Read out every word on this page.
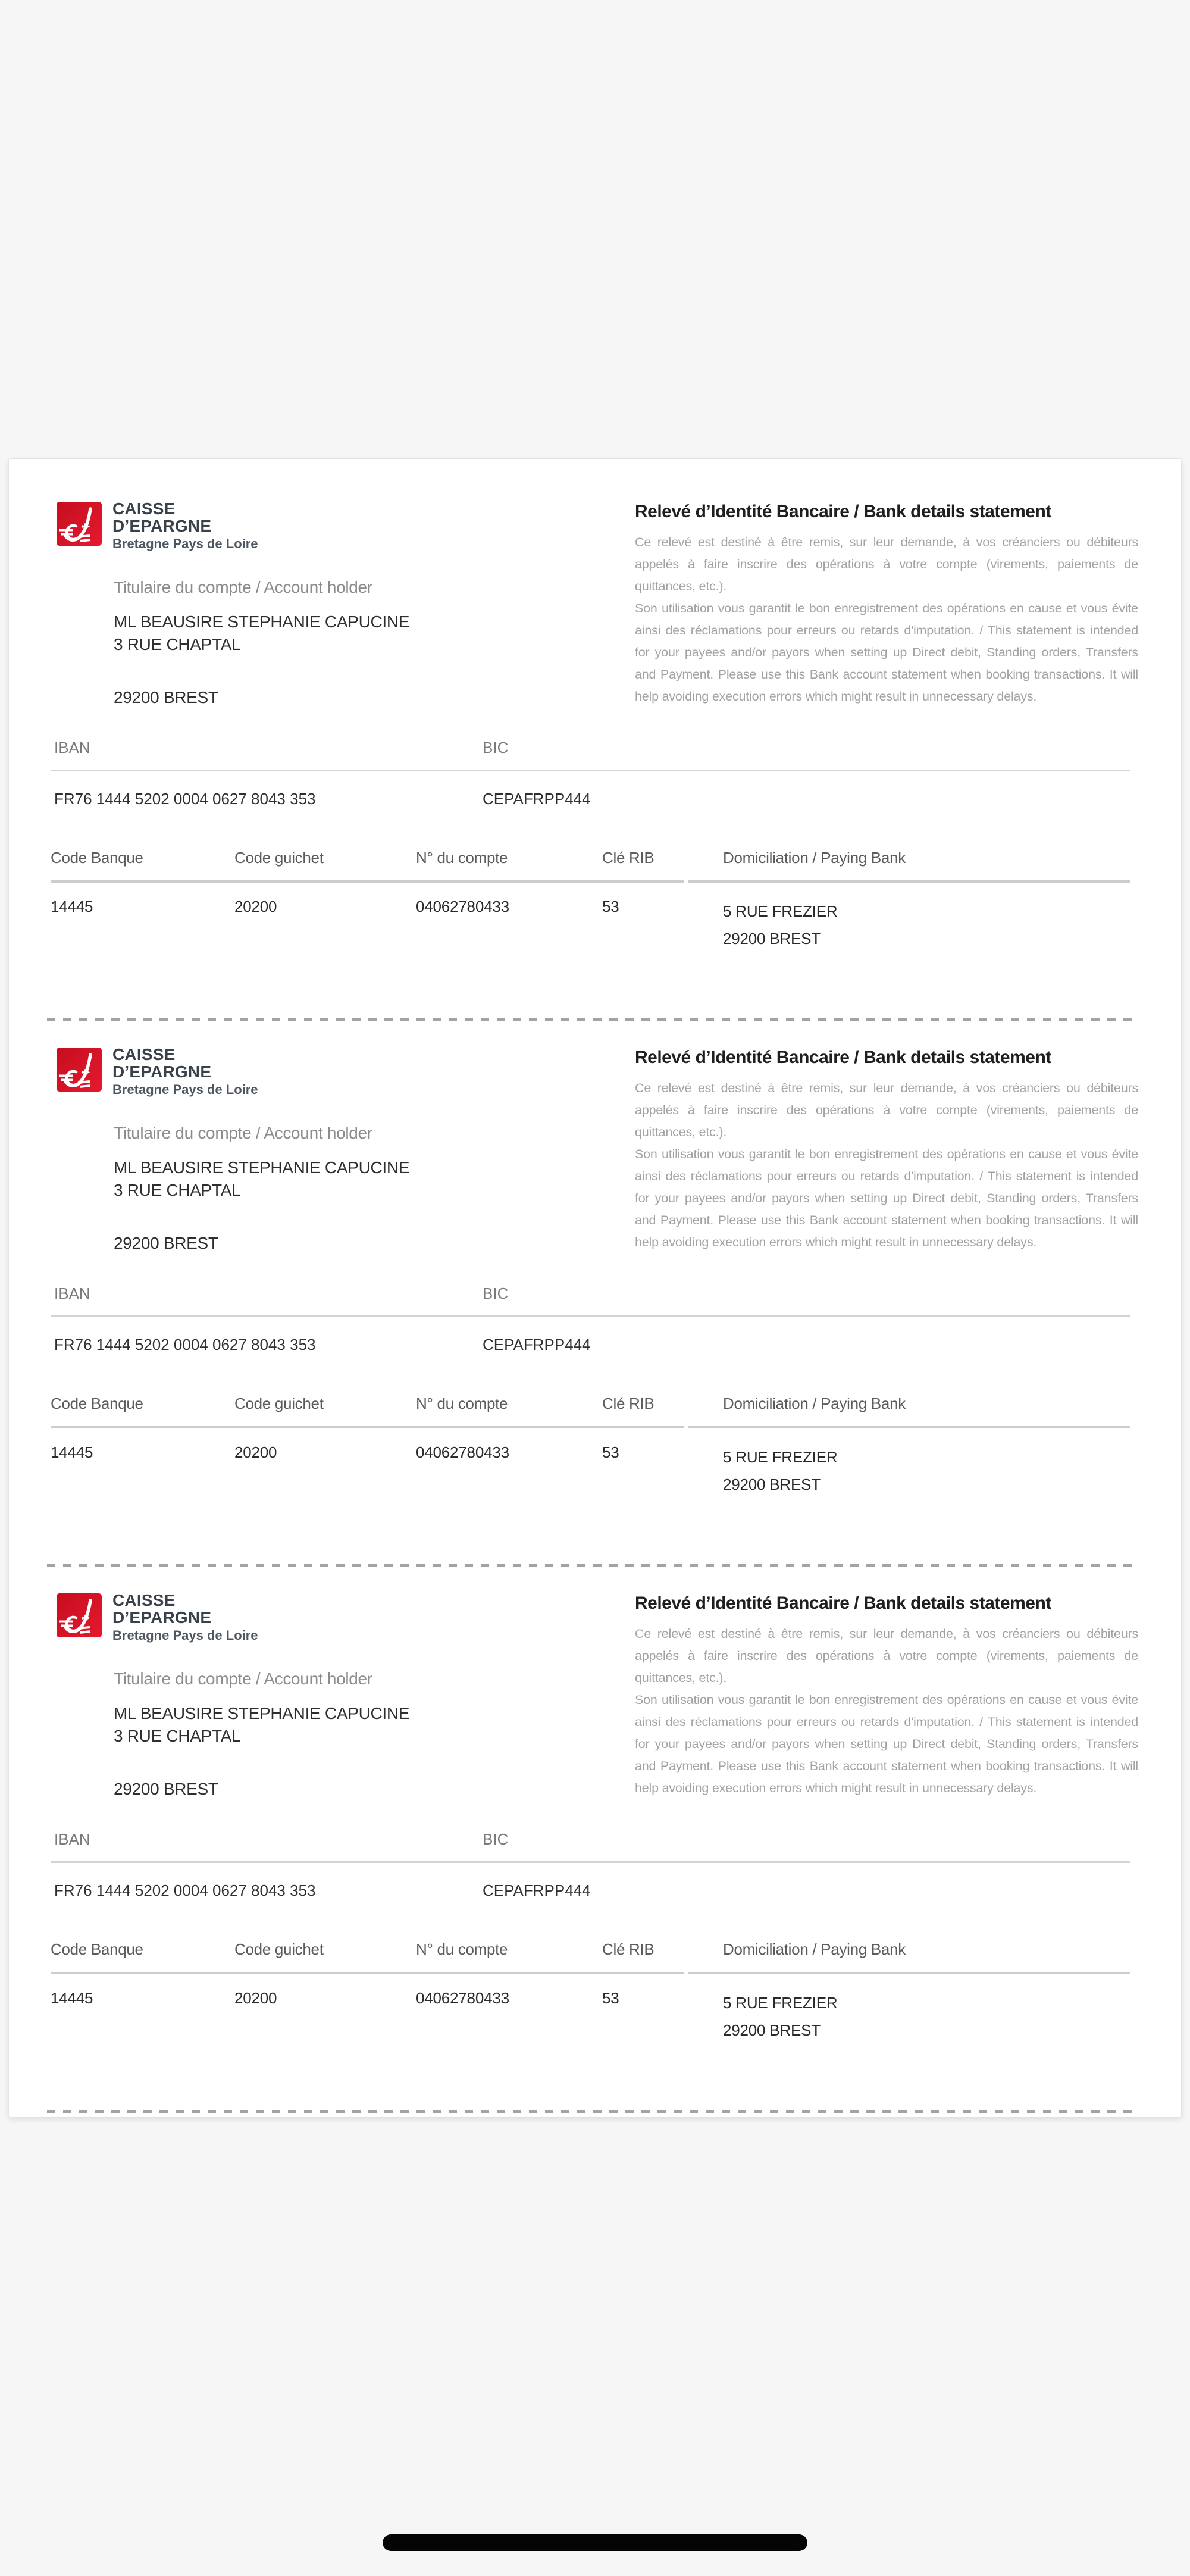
CAISSE
D’EPARGNE
Bretagne Pays de Loire
Relevé d’Identité Bancaire / Bank details statement

Ce relevé est destiné à être remis, sur leur demande, à vos créanciers ou débiteurs appelés à faire inscrire des opérations à votre compte (virements, paiements de quittances, etc.).

Son utilisation vous garantit le bon enregistrement des opérations en cause et vous évite ainsi des réclamations pour erreurs ou retards d'imputation. / This statement is intended for your payees and/or payors when setting up Direct debit, Standing orders, Transfers and Payment. Please use this Bank account statement when booking transactions. It will help avoiding execution errors which might result in unnecessary delays.

Titulaire du compte / Account holder
ML BEAUSIRE STEPHANIE CAPUCINE
3 RUE CHAPTAL
29200 BREST
IBAN	BIC
FR76 1444 5202 0004 0627 8043 353	CEPAFRPP444
Code Banque	Code guichet	N° du compte	Clé RIB	Domiciliation / Paying Bank
14445	20200	04062780433	53	5 RUE FREZIER
29200 BREST
CAISSE
D’EPARGNE
Bretagne Pays de Loire
Relevé d’Identité Bancaire / Bank details statement

Ce relevé est destiné à être remis, sur leur demande, à vos créanciers ou débiteurs appelés à faire inscrire des opérations à votre compte (virements, paiements de quittances, etc.).

Son utilisation vous garantit le bon enregistrement des opérations en cause et vous évite ainsi des réclamations pour erreurs ou retards d'imputation. / This statement is intended for your payees and/or payors when setting up Direct debit, Standing orders, Transfers and Payment. Please use this Bank account statement when booking transactions. It will help avoiding execution errors which might result in unnecessary delays.

Titulaire du compte / Account holder
ML BEAUSIRE STEPHANIE CAPUCINE
3 RUE CHAPTAL
29200 BREST
IBAN	BIC
FR76 1444 5202 0004 0627 8043 353	CEPAFRPP444
Code Banque	Code guichet	N° du compte	Clé RIB	Domiciliation / Paying Bank
14445	20200	04062780433	53	5 RUE FREZIER
29200 BREST
CAISSE
D’EPARGNE
Bretagne Pays de Loire
Relevé d’Identité Bancaire / Bank details statement

Ce relevé est destiné à être remis, sur leur demande, à vos créanciers ou débiteurs appelés à faire inscrire des opérations à votre compte (virements, paiements de quittances, etc.).

Son utilisation vous garantit le bon enregistrement des opérations en cause et vous évite ainsi des réclamations pour erreurs ou retards d'imputation. / This statement is intended for your payees and/or payors when setting up Direct debit, Standing orders, Transfers and Payment. Please use this Bank account statement when booking transactions. It will help avoiding execution errors which might result in unnecessary delays.

Titulaire du compte / Account holder
ML BEAUSIRE STEPHANIE CAPUCINE
3 RUE CHAPTAL
29200 BREST
IBAN	BIC
FR76 1444 5202 0004 0627 8043 353	CEPAFRPP444
Code Banque	Code guichet	N° du compte	Clé RIB	Domiciliation / Paying Bank
14445	20200	04062780433	53	5 RUE FREZIER
29200 BREST
